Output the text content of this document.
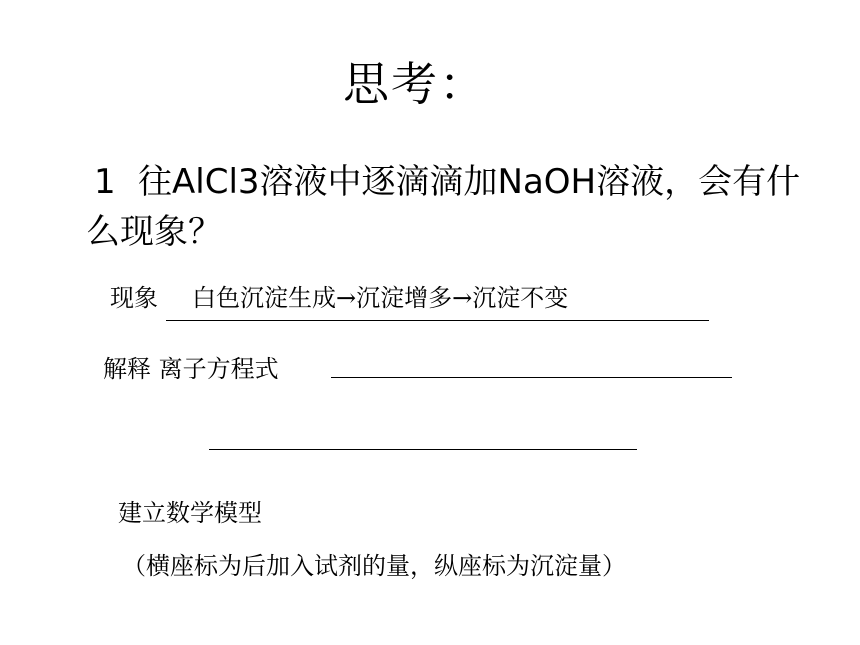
思考：
1 往AlCl3溶液中逐滴滴加NaOH溶液，会有什么现象？
现象 白色沉淀生成→沉淀增多→沉淀不变
解释 离子方程式
建立数学模型
（横座标为后加入试剂的量，纵座标为沉淀量）
